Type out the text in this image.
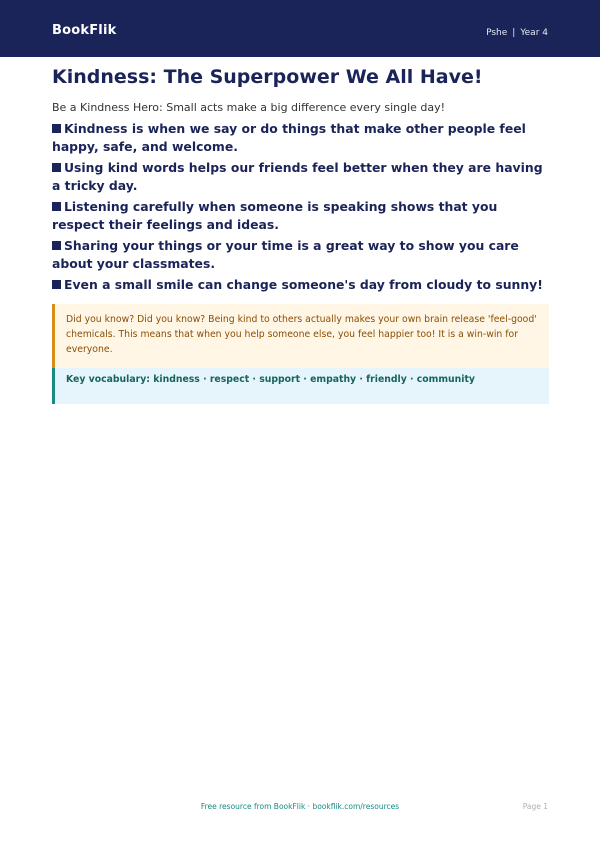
BookFlik	Pshe | Year 4
Kindness: The Superpower We All Have!

Be a Kindness Hero: Small acts make a big difference every single day!

Kindness is when we say or do things that make other people feel happy, safe, and welcome.
Using kind words helps our friends feel better when they are having a tricky day.
Listening carefully when someone is speaking shows that you respect their feelings and ideas.
Sharing your things or your time is a great way to show you care about your classmates.
Even a small smile can change someone's day from cloudy to sunny!
Did you know? Did you know? Being kind to others actually makes your own brain release 'feel-good' chemicals. This means that when you help someone else, you feel happier too! It is a win-win for everyone.
Key vocabulary: kindness · respect · support · empathy · friendly · community
Free resource from BookFlik · bookflik.com/resources	Page 1
